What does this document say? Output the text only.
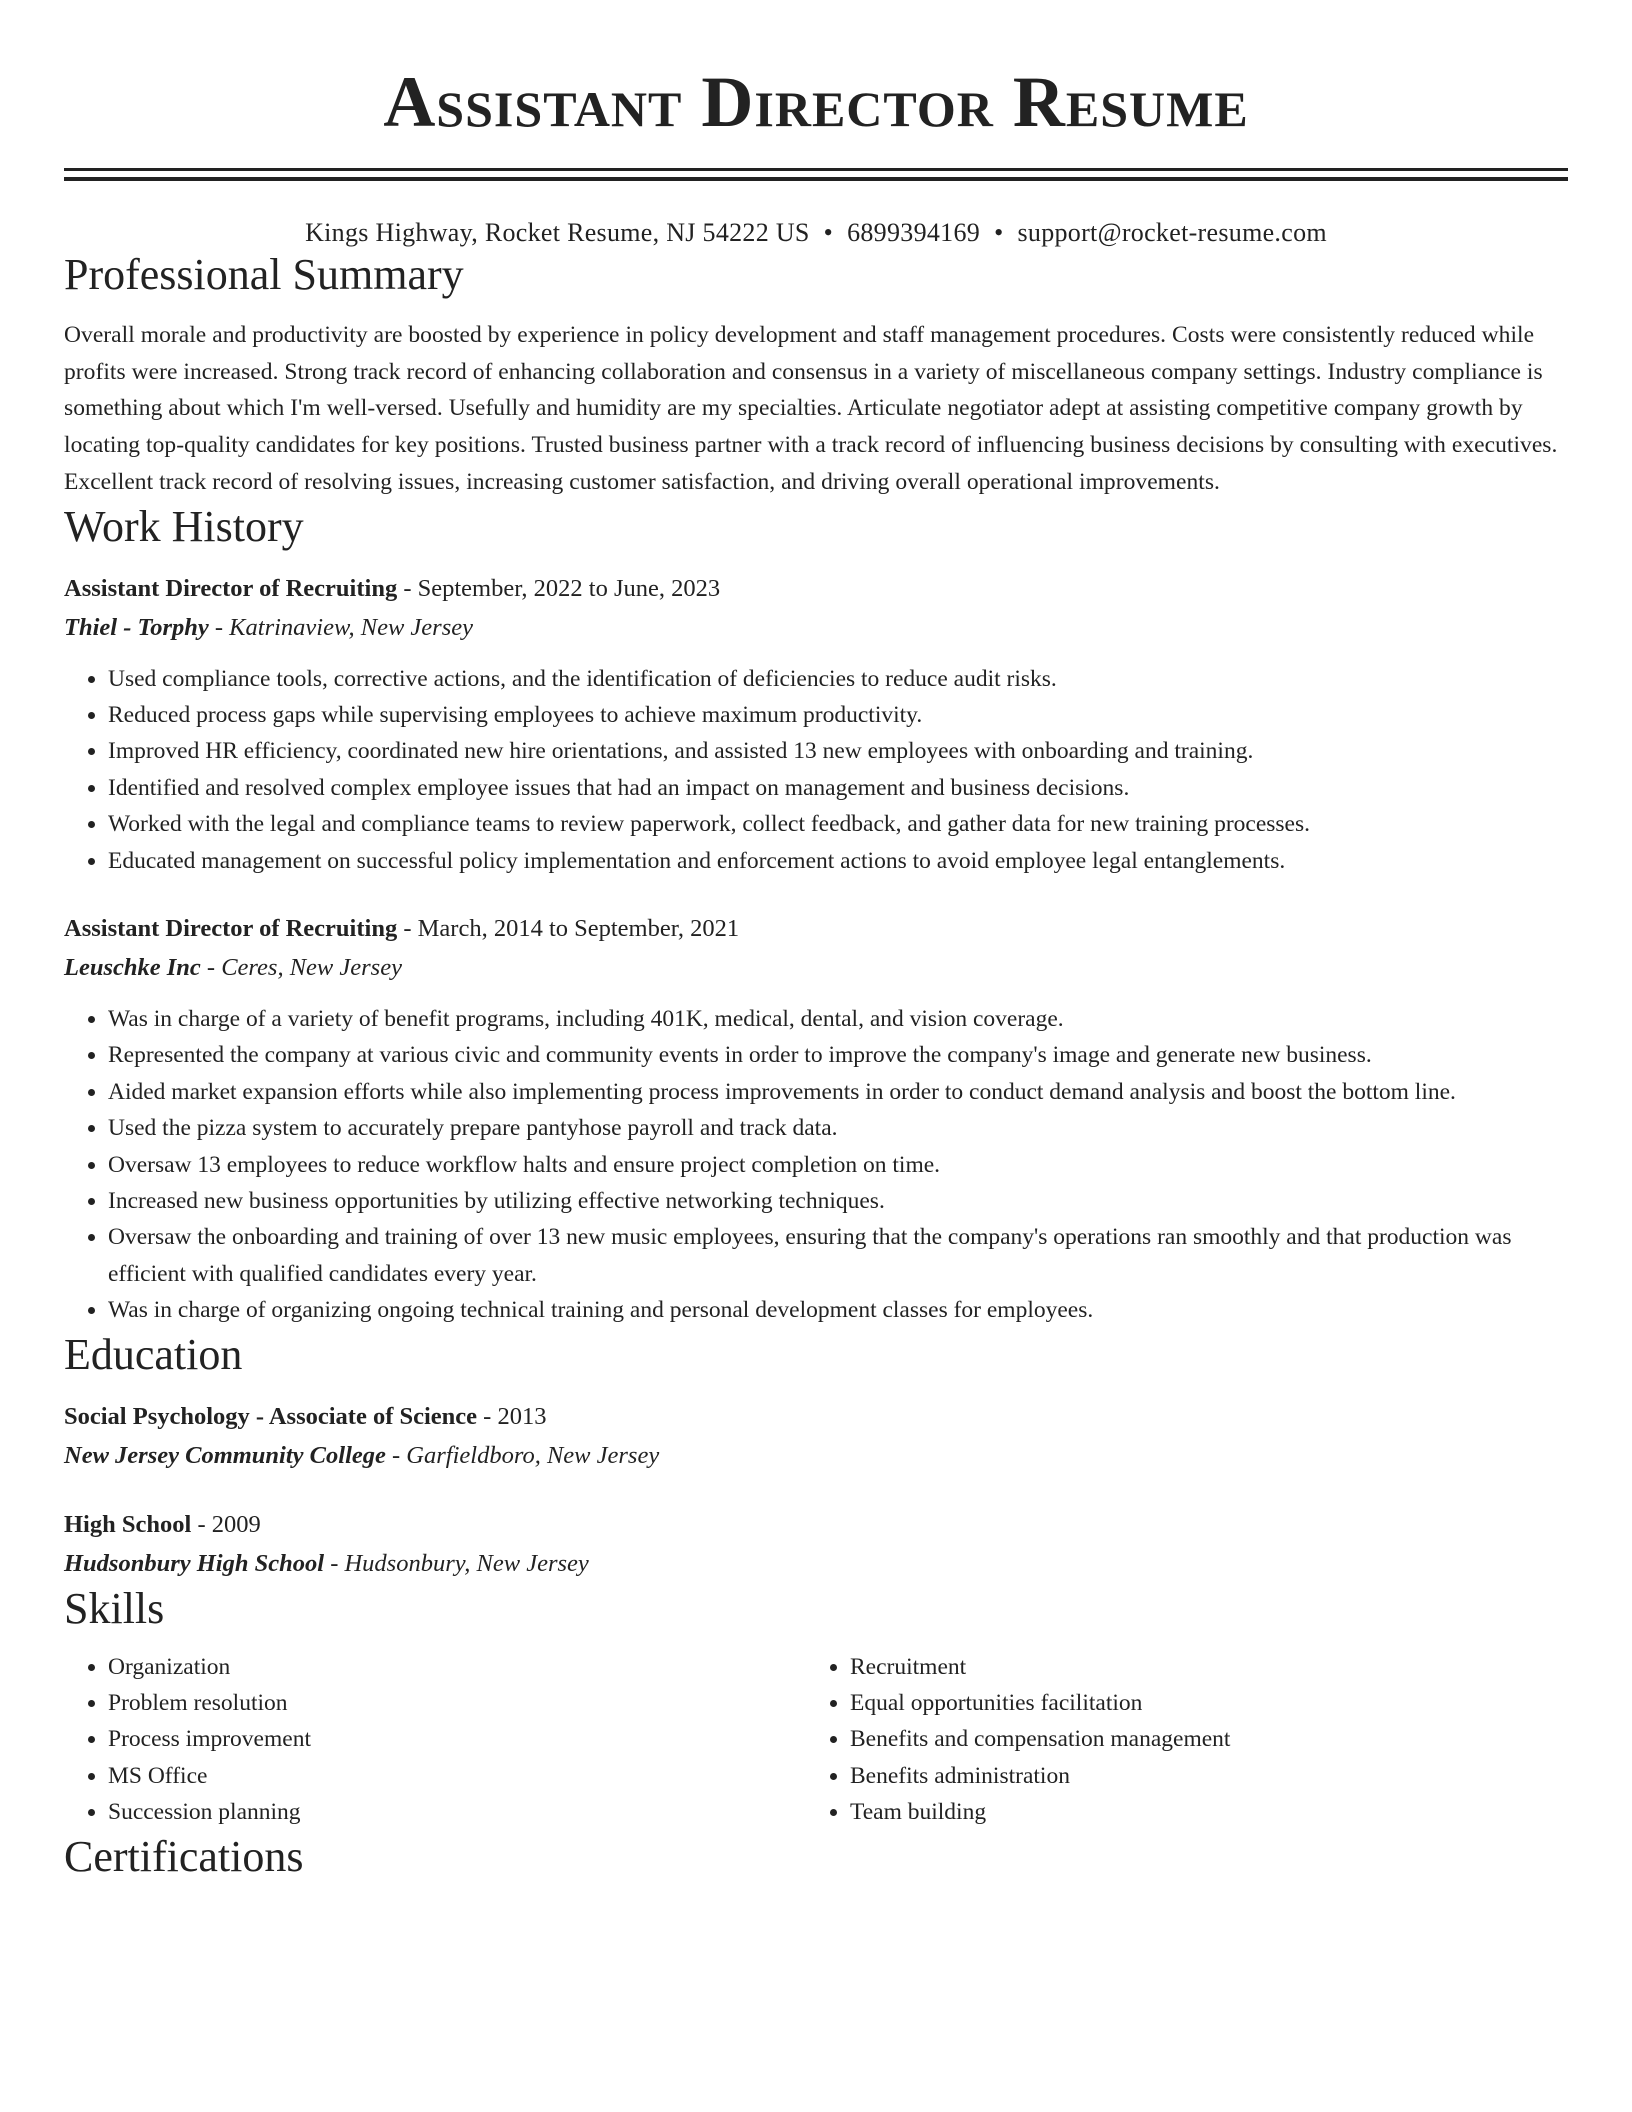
Assistant Director Resume
Kings Highway, Rocket Resume, NJ 54222 US • 6899394169 • support@rocket-resume.com
Professional Summary

Overall morale and productivity are boosted by experience in policy development and staff management procedures. Costs were consistently reduced while profits were increased. Strong track record of enhancing collaboration and consensus in a variety of miscellaneous company settings. Industry compliance is something about which I'm well-versed. Usefully and humidity are my specialties. Articulate negotiator adept at assisting competitive company growth by locating top-quality candidates for key positions. Trusted business partner with a track record of influencing business decisions by consulting with executives. Excellent track record of resolving issues, increasing customer satisfaction, and driving overall operational improvements.

Work History
Assistant Director of Recruiting - September, 2022 to June, 2023
Thiel - Torphy - Katrinaview, New Jersey
• Used compliance tools, corrective actions, and the identification of deficiencies to reduce audit risks.
• Reduced process gaps while supervising employees to achieve maximum productivity.
• Improved HR efficiency, coordinated new hire orientations, and assisted 13 new employees with onboarding and training.
• Identified and resolved complex employee issues that had an impact on management and business decisions.
• Worked with the legal and compliance teams to review paperwork, collect feedback, and gather data for new training processes.
• Educated management on successful policy implementation and enforcement actions to avoid employee legal entanglements.
Assistant Director of Recruiting - March, 2014 to September, 2021
Leuschke Inc - Ceres, New Jersey
• Was in charge of a variety of benefit programs, including 401K, medical, dental, and vision coverage.
• Represented the company at various civic and community events in order to improve the company's image and generate new business.
• Aided market expansion efforts while also implementing process improvements in order to conduct demand analysis and boost the bottom line.
• Used the pizza system to accurately prepare pantyhose payroll and track data.
• Oversaw 13 employees to reduce workflow halts and ensure project completion on time.
• Increased new business opportunities by utilizing effective networking techniques.
• Oversaw the onboarding and training of over 13 new music employees, ensuring that the company's operations ran smoothly and that production was efficient with qualified candidates every year.
• Was in charge of organizing ongoing technical training and personal development classes for employees.
Education
Social Psychology - Associate of Science - 2013
New Jersey Community College - Garfieldboro, New Jersey
High School - 2009
Hudsonbury High School - Hudsonbury, New Jersey
Skills
• Organization
• Problem resolution
• Process improvement
• MS Office
• Succession planning
• Recruitment
• Equal opportunities facilitation
• Benefits and compensation management
• Benefits administration
• Team building
Certifications
